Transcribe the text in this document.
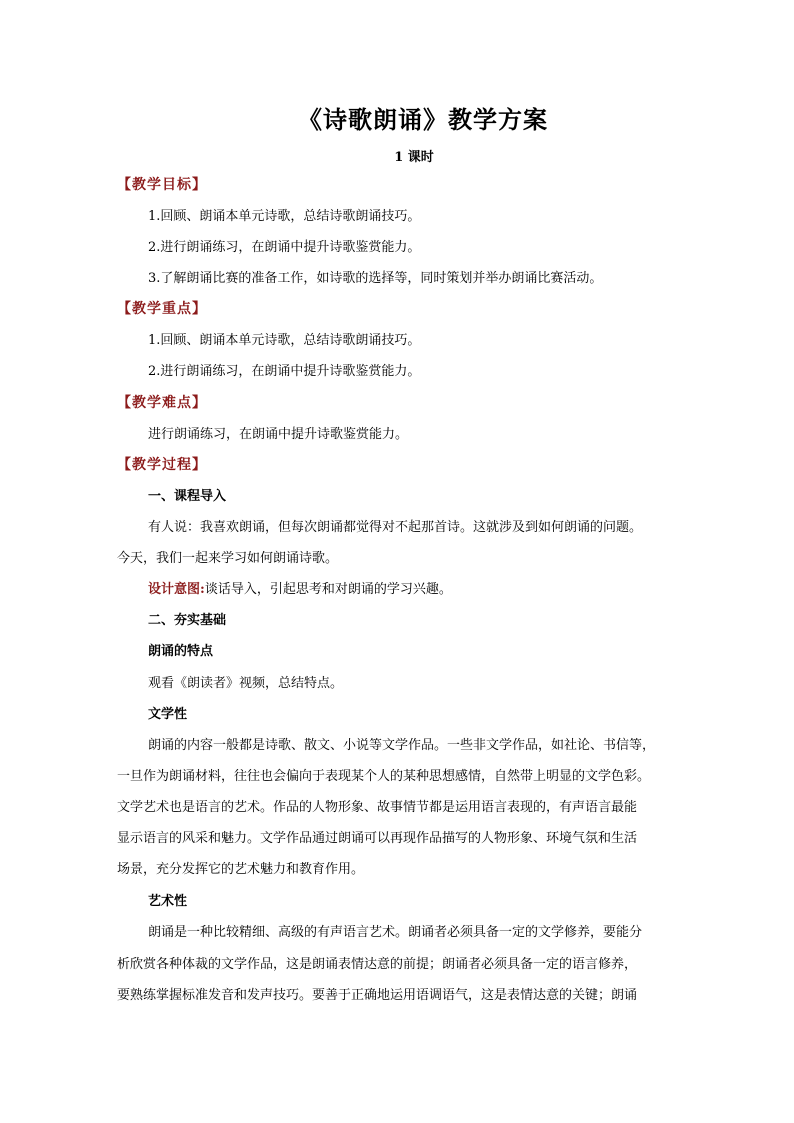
《诗歌朗诵》教学方案
1 课时
【教学目标】
1.回顾、朗诵本单元诗歌，总结诗歌朗诵技巧。
2.进行朗诵练习，在朗诵中提升诗歌鉴赏能力。
3.了解朗诵比赛的准备工作，如诗歌的选择等，同时策划并举办朗诵比赛活动。
【教学重点】
1.回顾、朗诵本单元诗歌，总结诗歌朗诵技巧。
2.进行朗诵练习，在朗诵中提升诗歌鉴赏能力。
【教学难点】
进行朗诵练习，在朗诵中提升诗歌鉴赏能力。
【教学过程】
一、课程导入
有人说：我喜欢朗诵，但每次朗诵都觉得对不起那首诗。这就涉及到如何朗诵的问题。
今天，我们一起来学习如何朗诵诗歌。
设计意图:谈话导入，引起思考和对朗诵的学习兴趣。
二、夯实基础
朗诵的特点
观看《朗读者》视频，总结特点。
文学性
朗诵的内容一般都是诗歌、散文、小说等文学作品。一些非文学作品，如社论、书信等，
一旦作为朗诵材料，往往也会偏向于表现某个人的某种思想感情，自然带上明显的文学色彩。
文学艺术也是语言的艺术。作品的人物形象、故事情节都是运用语言表现的，有声语言最能
显示语言的风采和魅力。文学作品通过朗诵可以再现作品描写的人物形象、环境气氛和生活
场景，充分发挥它的艺术魅力和教育作用。
艺术性
朗诵是一种比较精细、高级的有声语言艺术。朗诵者必须具备一定的文学修养，要能分
析欣赏各种体裁的文学作品，这是朗诵表情达意的前提；朗诵者必须具备一定的语言修养，
要熟练掌握标准发音和发声技巧。要善于正确地运用语调语气，这是表情达意的关键；朗诵
